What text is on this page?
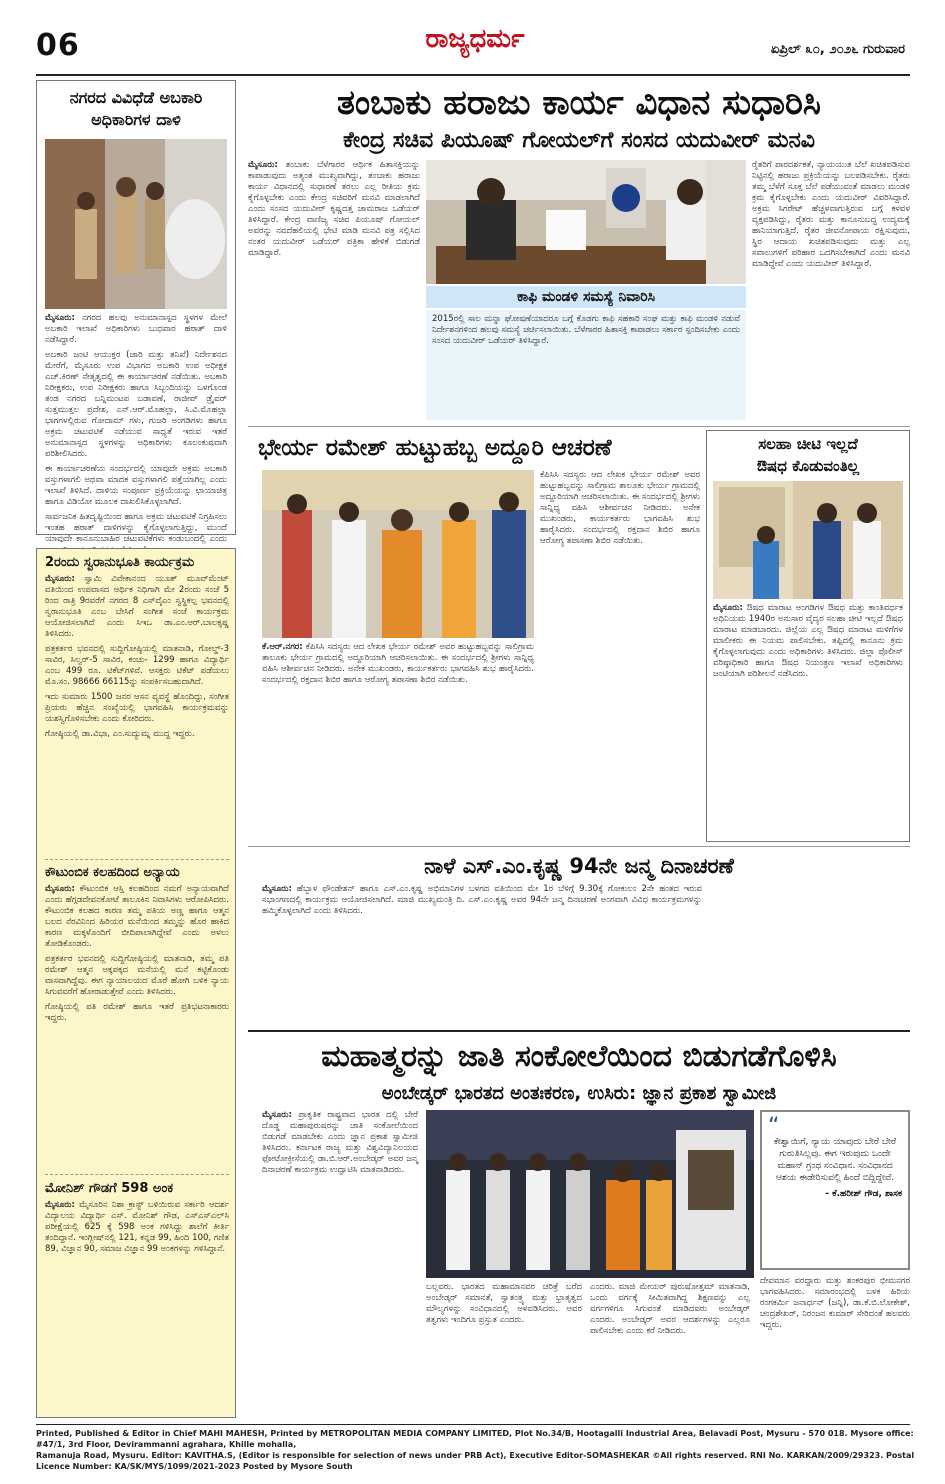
06	ರಾಜ್ಯಧರ್ಮ	ಏಪ್ರಿಲ್ ೩೦, ೨೦೨೬ ಗುರುವಾರ
ನಗರದ ವಿವಿಧೆಡೆ ಅಬಕಾರಿ
ಅಧಿಕಾರಿಗಳ ದಾಳಿ

ಮೈಸೂರು: ನಗರದ ಹಲವು ಅನುಮಾನಾಸ್ಪದ ಸ್ಥಳಗಳ ಮೇಲೆ ಅಬಕಾರಿ ಇಲಾಖೆ ಅಧಿಕಾರಿಗಳು ಬುಧವಾರ ಹಠಾತ್ ದಾಳಿ ನಡೆಸಿದ್ದಾರೆ.

ಅಬಕಾರಿ ಜಂಟಿ ಆಯುಕ್ತರ (ಜಾರಿ ಮತ್ತು ತನಿಖೆ) ನಿರ್ದೇಶನದ ಮೇರೆಗೆ, ಮೈಸೂರು ಉಪ ವಿಭಾಗದ ಅಬಕಾರಿ ಉಪ ಅಧೀಕ್ಷಕ ಎಚ್.ಕಿರಣ್ ನೇತೃತ್ವದಲ್ಲಿ ಈ ಕಾರ್ಯಾಚರಣೆ ನಡೆಯಿತು. ಅಬಕಾರಿ ನಿರೀಕ್ಷಕರು, ಉಪ ನಿರೀಕ್ಷಕರು ಹಾಗೂ ಸಿಬ್ಬಂದಿಯನ್ನು ಒಳಗೊಂಡ ತಂಡ ನಗರದ ಬನ್ನಿಮಂಟಪ ಬಡಾವಣೆ, ರಾಜೀವ್ ಡ್ರೈವರ್ ಸುತ್ತಮುತ್ತಲ ಪ್ರದೇಶ, ಎನ್.ಆರ್.ಮೊಹಲ್ಲಾ, ಸಿ.ವಿ.ಮೊಹಲ್ಲಾ ಭಾಗಗಳಲ್ಲಿರುವ ಗೋದಾಮ್ ಗಳು, ಗುಜರಿ ಅಂಗಡಿಗಳು ಹಾಗೂ ಅಕ್ರಮ ಚಟುವಟಿಕೆ ನಡೆಯುವ ಸಾಧ್ಯತೆ ಇರುವ ಇತರೆ ಅನುಮಾನಾಸ್ಪದ ಸ್ಥಳಗಳನ್ನು ಅಧಿಕಾರಿಗಳು ಕೂಲಂಕುಷವಾಗಿ ಪರಿಶೀಲಿಸಿದರು.

ಈ ಕಾರ್ಯಾಚರಣೆಯ ಸಂದರ್ಭದಲ್ಲಿ ಯಾವುದೇ ಅಕ್ರಮ ಅಬಕಾರಿ ವಸ್ತುಗಳಾಗಲಿ ಅಥವಾ ಮಾದಕ ವಸ್ತುಗಳಾಗಲಿ ಪತ್ತೆಯಾಗಿಲ್ಲ ಎಂದು ಇಲಾಖೆ ತಿಳಿಸಿದೆ. ದಾಳಿಯ ಸಂಪೂರ್ಣ ಪ್ರಕ್ರಿಯೆಯನ್ನು ಛಾಯಾಚಿತ್ರ ಹಾಗೂ ವಿಡಿಯೋ ಮೂಲಕ ದಾಖಲಿಸಿಕೊಳ್ಳಲಾಗಿದೆ.

ಸಾರ್ವಜನಿಕ ಹಿತದೃಷ್ಟಿಯಿಂದ ಹಾಗೂ ಅಕ್ರಮ ಚಟುವಟಿಕೆ ನಿಗ್ರಹಿಸಲು ಇಂತಹ ಹಠಾತ್ ದಾಳಿಗಳನ್ನು ಕೈಗೊಳ್ಳಲಾಗುತ್ತಿದ್ದು, ಮುಂದೆ ಯಾವುದೇ ಕಾನೂನುಬಾಹಿರ ಚಟುವಟಿಕೆಗಳು ಕಂಡುಬಂದಲ್ಲಿ ಎಂದು

2ರಂದು ಸ್ವರಾನುಭೂತಿ ಕಾರ್ಯಕ್ರಮ

ಮೈಸೂರು: ಸ್ವಾಮಿ ವಿವೇಕಾನಂದ ಯೂತ್ ಮೂವ್‌ಮೆಂಟ್ ವತಿಯಿಂದ ಉಪವಾಸದ ಆರ್ಥಿಕ ನಿಧಿಗಾಗಿ ಮೇ 2ರಂದು ಸಂಜೆ 5 ರಿಂದ ರಾತ್ರಿ 9ರವರೆಗೆ ನಗರದ 8 ಎಸ್‌ವೈಎಂ ಸ್ವಸ್ಥಿಕಲ್ಪ ಭವನದಲ್ಲಿ ಸ್ವರಾನುಭೂತಿ ಎಂಬ ಬೇಸಿಗೆ ಸಂಗೀತ ಸಂಜೆ ಕಾರ್ಯಕ್ರಮ ಆಯೋಜಿಸಲಾಗಿದೆ ಎಂದು ಸಿಇಒ ಡಾ.ಎಂ.ಆರ್.ಬಾಲಕೃಷ್ಣ ತಿಳಿಸಿದರು.

ಪತ್ರಕರ್ತರ ಭವನದಲ್ಲಿ ಸುದ್ದಿಗೋಷ್ಠಿಯಲ್ಲಿ ಮಾತನಾಡಿ, ಗೋಲ್ಡ್-3 ಸಾವಿರ, ಸಿಲ್ವರ್-5 ಸಾವಿರ, ಕಂಚು- 1299 ಹಾಗೂ ವಿದ್ಯಾರ್ಥಿ ಎಂಬ 499 ರೂ. ಟಿಕೆಟ್‌ಗಳಿವೆ. ಆಸಕ್ತರು ಟಿಕೆಟ್ ಪಡೆಯಲು ಮೊ.ಸಂ. 98666 66115ನ್ನು ಸಂಪರ್ಕಿಸಬಹುದಾಗಿದೆ.

ಇದು ಸುಮಾರು 1500 ಜನರ ಆಸನ ವ್ಯವಸ್ಥೆ ಹೊಂದಿದ್ದು, ಸಂಗೀತ ಪ್ರಿಯರು ಹೆಚ್ಚಿನ ಸಂಖ್ಯೆಯಲ್ಲಿ ಭಾಗವಹಿಸಿ ಕಾರ್ಯಕ್ರಮವನ್ನು ಯಶಸ್ವಿಗೊಳಿಸಬೇಕು ಎಂದು ಕೋರಿದರು.

ಗೋಷ್ಠಿಯಲ್ಲಿ ಡಾ.ವಿಭಾ, ಎಂ.ಸುದ್ಯುಮ್ನ ಮುದ್ದ ಇದ್ದರು.

ಕೌಟುಂಬಿಕ ಕಲಹದಿಂದ ಅನ್ಯಾಯ

ಮೈಸೂರು: ಕೌಟುಂಬಿಕ ಆಸ್ತಿ ಕಲಹದಿಂದ ನಮಗೆ ಅನ್ಯಾಯವಾಗಿದೆ ಎಂದು ಹೆಗ್ಗಡದೇವನಕೋಟೆ ತಾಲೂಕಿನ ನಿವಾಸಿಗಳು ಆರೋಪಿಸಿದರು. ಕೌಟುಂಬಿಕ ಕಲಹದ ಕಾರಣ ತಮ್ಮ ಪತಿಯ ಅಣ್ಣ ಹಾಗೂ ಆತ್ಮನ ಬಲದ ನೆರವಿನಿಂದ ಹಿರಿಯರ ಮನೆಯಿಂದ ತಮ್ಮನ್ನು ಹೊರ ಹಾಕಿದ ಕಾರಣ ಮಕ್ಕಳೊಂದಿಗೆ ಬೀದಿಪಾಲಾಗಿದ್ದೇವೆ ಎಂದು ಅಳಲು ತೋಡಿಕೊಂಡರು.

ಪತ್ರಕರ್ತರ ಭವನದಲ್ಲಿ ಸುದ್ದಿಗೋಷ್ಠಿಯಲ್ಲಿ ಮಾತನಾಡಿ, ತಮ್ಮ ಪತಿ ರಮೇಶ್ ಆತ್ಮನ ಅಕ್ಕಪಕ್ಕದ ಮನೆಯಲ್ಲಿ ಮನೆ ಕಟ್ಟಿಕೊಂಡು ವಾಸವಾಗಿದ್ದೆವು. ಈಗ ನ್ಯಾಯಾಲಯದ ಮೊರೆ ಹೋಗಿ ಬಳಿಕ ನ್ಯಾಯ ಸಿಗುವವರೆಗೆ ಹೋರಾಡುತ್ತೇವೆ ಎಂದು ತಿಳಿಸಿದರು.

ಗೋಷ್ಠಿಯಲ್ಲಿ ಪತಿ ರಮೇಶ್ ಹಾಗೂ ಇತರೆ ಪ್ರತಿಭಟನಾಕಾರರು ಇದ್ದರು.

ಮೋನಿಶ್ ಗೌಡಗೆ 598 ಅಂಕ

ಮೈಸೂರು: ಮೈಸೂರಿನ ನಿಶಾ ಕ್ರಾಸ್ಟ್‌ ಬಳಿಯಿರುವ ಸರ್ಕಾರಿ ಆದರ್ಶ ವಿದ್ಯಾಲಯ ವಿದ್ಯಾರ್ಥಿ ಎಸ್. ಮೋನಿಶ್ ಗೌಡ, ಎಸ್‌ಎಸ್‌ಎಲ್‌ಸಿ ಪರೀಕ್ಷೆಯಲ್ಲಿ 625 ಕ್ಕೆ 598 ಅಂಕ ಗಳಿಸಿದ್ದು ಶಾಲೆಗೆ ಕೀರ್ತಿ ತಂದಿದ್ದಾನೆ. ಇಂಗ್ಲೀಷ್‌ನಲ್ಲಿ 121, ಕನ್ನಡ 99, ಹಿಂದಿ 100, ಗಣಿತ 89, ವಿಜ್ಞಾನ 90, ಸಮಾಜ ವಿಜ್ಞಾನ 99 ಅಂಕಗಳನ್ನು ಗಳಿಸಿದ್ದಾನೆ.

ತಂಬಾಕು ಹರಾಜು ಕಾರ್ಯ ವಿಧಾನ ಸುಧಾರಿಸಿ
ಕೇಂದ್ರ ಸಚಿವ ಪಿಯೂಷ್ ಗೋಯಲ್‌ಗೆ ಸಂಸದ ಯದುವೀರ್ ಮನವಿ

ಮೈಸೂರು: ತಂಬಾಕು ಬೆಳೆಗಾರರ ಆರ್ಥಿಕ ಹಿತಾಸಕ್ತಿಯನ್ನು ಕಾಪಾಡುವುದು ಅತ್ಯಂತ ಮುಖ್ಯವಾಗಿದ್ದು, ತಂಬಾಕು ಹರಾಜು ಕಾರ್ಯ ವಿಧಾನದಲ್ಲಿ ಸುಧಾರಣೆ ತರಲು ಎಲ್ಲ ರೀತಿಯ ಕ್ರಮ ಕೈಗೊಳ್ಳಬೇಕು ಎಂದು ಕೇಂದ್ರ ಸಚಿವರಿಗೆ ಮನವಿ ಮಾಡಲಾಗಿದೆ ಎಂದು ಸಂಸದ ಯದುವೀರ್ ಕೃಷ್ಣದತ್ತ ಚಾಮರಾಜ ಒಡೆಯರ್ ತಿಳಿಸಿದ್ದಾರೆ. ಕೇಂದ್ರ ವಾಣಿಜ್ಯ ಸಚಿವ ಪಿಯೂಷ್ ಗೋಯಲ್ ಅವರನ್ನು ನವದೆಹಲಿಯಲ್ಲಿ ಭೇಟಿ ಮಾಡಿ ಮನವಿ ಪತ್ರ ಸಲ್ಲಿಸಿದ ನಂತರ ಯದುವೀರ್ ಒಡೆಯರ್ ಪತ್ರಿಕಾ ಹೇಳಿಕೆ ಬಿಡುಗಡೆ ಮಾಡಿದ್ದಾರೆ.

ಕಾಫಿ ಮಂಡಳಿ ಸಮಸ್ಯೆ ನಿವಾರಿಸಿ
2015ರಲ್ಲಿ ಸಾಲ ಮನ್ನಾ ಘೋಷಣೆಯಾದರೂ ಬಗ್ಗೆ ಕೊಡಗು ಕಾಫಿ ಸಹಕಾರಿ ಸಂಘ ಮತ್ತು ಕಾಫಿ ಮಂಡಳಿ ನಡುವೆ ನಿರ್ದೇಶನಗಳಿಂದ ಹಲವು ಸಮಸ್ಯೆ ಚರ್ಚಿಸಲಾಯಿತು. ಬೆಳೆಗಾರರ ಹಿತಾಸಕ್ತಿ ಕಾಪಾಡಲು ಸರ್ಕಾರ ಸ್ಪಂದಿಸಬೇಕು ಎಂದು ಸಂಸದ ಯದುವೀರ್ ಒಡೆಯರ್ ತಿಳಿಸಿದ್ದಾರೆ.
ರೈತರಿಗೆ ಪಾರದರ್ಶಕತೆ, ನ್ಯಾಯಯುತ ಬೆಲೆ ಖಚಿತಪಡಿಸುವ ನಿಟ್ಟಿನಲ್ಲಿ ಹರಾಜು ಪ್ರಕ್ರಿಯೆಯನ್ನು ಬಲಪಡಿಸಬೇಕು. ರೈತರು ತಮ್ಮ ಬೆಳೆಗೆ ಸೂಕ್ತ ಬೆಲೆ ಪಡೆಯುವಂತೆ ಮಾಡಲು ಮಂಡಳಿ ಕ್ರಮ ಕೈಗೊಳ್ಳಬೇಕು ಎಂದು ಯದುವೀರ್ ವಿವರಿಸಿದ್ದಾರೆ. ಅಕ್ರಮ ಸಿಗರೇಟ್ ಹೆಚ್ಚಳವಾಗುತ್ತಿರುವ ಬಗ್ಗೆ ಕಳವಳ ವ್ಯಕ್ತಪಡಿಸಿದ್ದು, ರೈತರು ಮತ್ತು ಕಾನೂನುಬದ್ಧ ಉದ್ಯಮಕ್ಕೆ ಹಾನಿಯಾಗುತ್ತಿದೆ. ರೈತರ ಜೀವನೋಪಾಯ ರಕ್ಷಿಸುವುದು, ಸ್ಥಿರ ಆದಾಯ ಖಚಿತಪಡಿಸುವುದು ಮತ್ತು ಎಲ್ಲ ಸವಾಲುಗಳಿಗೆ ಪರಿಹಾರ ಒದಗಿಸಬೇಕಾಗಿದೆ ಎಂದು ಮನವಿ ಮಾಡಿದ್ದೇವೆ ಎಂದು ಯದುವೀರ್ ತಿಳಿಸಿದ್ದಾರೆ.
ಭೇರ್ಯ ರಮೇಶ್ ಹುಟ್ಟುಹಬ್ಬ ಅದ್ದೂರಿ ಆಚರಣೆ

ಕೆ.ಆರ್.ನಗರ: ಕೆಪಿಸಿಸಿ ಸದಸ್ಯರು ಆದ ಲೇಖಕ ಭೇರ್ಯ ರಮೇಶ್ ಅವರ ಹುಟ್ಟುಹಬ್ಬವನ್ನು ಸಾಲಿಗ್ರಾಮ ತಾಲೂಕು ಭೇರ್ಯ ಗ್ರಾಮದಲ್ಲಿ ಅದ್ದೂರಿಯಾಗಿ ಆಚರಿಸಲಾಯಿತು. ಈ ಸಂದರ್ಭದಲ್ಲಿ ಶ್ರೀಗಳು ಸಾನ್ನಿಧ್ಯ ವಹಿಸಿ ಆಶೀರ್ವಚನ ನೀಡಿದರು. ಅನೇಕ ಮುಖಂಡರು, ಕಾರ್ಯಕರ್ತರು ಭಾಗವಹಿಸಿ ಶುಭ ಹಾರೈಸಿದರು. ಸಂದರ್ಭದಲ್ಲಿ ರಕ್ತದಾನ ಶಿಬಿರ ಹಾಗೂ ಆರೋಗ್ಯ ತಪಾಸಣಾ ಶಿಬಿರ ನಡೆಯಿತು.

ಕೆಪಿಸಿಸಿ ಸದಸ್ಯರು ಆದ ಲೇಖಕ ಭೇರ್ಯ ರಮೇಶ್ ಅವರ ಹುಟ್ಟುಹಬ್ಬವನ್ನು ಸಾಲಿಗ್ರಾಮ ತಾಲೂಕು ಭೇರ್ಯ ಗ್ರಾಮದಲ್ಲಿ ಅದ್ದೂರಿಯಾಗಿ ಆಚರಿಸಲಾಯಿತು. ಈ ಸಂದರ್ಭದಲ್ಲಿ ಶ್ರೀಗಳು ಸಾನ್ನಿಧ್ಯ ವಹಿಸಿ ಆಶೀರ್ವಚನ ನೀಡಿದರು. ಅನೇಕ ಮುಖಂಡರು, ಕಾರ್ಯಕರ್ತರು ಭಾಗವಹಿಸಿ ಶುಭ ಹಾರೈಸಿದರು. ಸಂದರ್ಭದಲ್ಲಿ ರಕ್ತದಾನ ಶಿಬಿರ ಹಾಗೂ ಆರೋಗ್ಯ ತಪಾಸಣಾ ಶಿಬಿರ ನಡೆಯಿತು.
ಸಲಹಾ ಚೀಟಿ ಇಲ್ಲದೆ
ಔಷಧ ಕೊಡುವಂತಿಲ್ಲ

ಮೈಸೂರು: ಔಷಧ ಮಾರಾಟ ಅಂಗಡಿಗಳ ಔಷಧ ಮತ್ತು ಕಾಂತಿವರ್ಧಕ ಅಧಿನಿಯಮ 1940ರ ಅನುಸಾರ ವೈದ್ಯರ ಸಲಹಾ ಚೀಟಿ ಇಲ್ಲದೆ ಔಷಧ ಮಾರಾಟ ಮಾಡಬಾರದು. ಜಿಲ್ಲೆಯ ಎಲ್ಲ ಔಷಧ ಮಾರಾಟ ಮಳಿಗೆಗಳ ಮಾಲೀಕರು ಈ ನಿಯಮ ಪಾಲಿಸಬೇಕು. ತಪ್ಪಿದಲ್ಲಿ ಕಾನೂನು ಕ್ರಮ ಕೈಗೊಳ್ಳಲಾಗುವುದು ಎಂದು ಅಧಿಕಾರಿಗಳು ತಿಳಿಸಿದರು. ಜಿಲ್ಲಾ ಪೊಲೀಸ್ ವರಿಷ್ಠಾಧಿಕಾರಿ ಹಾಗೂ ಔಷಧ ನಿಯಂತ್ರಣ ಇಲಾಖೆ ಅಧಿಕಾರಿಗಳು ಜಂಟಿಯಾಗಿ ಪರಿಶೀಲನೆ ನಡೆಸಿದರು.

ನಾಳೆ ಎಸ್.ಎಂ.ಕೃಷ್ಣ 94ನೇ ಜನ್ಮ ದಿನಾಚರಣೆ

ಮೈಸೂರು: ಹೆಬ್ಬಾಳ ಫೌಂಡೇಶನ್ ಹಾಗೂ ಎಸ್.ಎಂ.ಕೃಷ್ಣ ಅಭಿಮಾನಿಗಳ ಬಳಗದ ವತಿಯಿಂದ ಮೇ 1ರ ಬೆಳಿಗ್ಗೆ 9.30ಕ್ಕೆ ಗೋಕುಲಂ 2ನೇ ಹಂತದ ಇರುವ ಸಭಾಂಗಣದಲ್ಲಿ ಕಾರ್ಯಕ್ರಮ ಆಯೋಜಿಸಲಾಗಿದೆ. ಮಾಜಿ ಮುಖ್ಯಮಂತ್ರಿ ದಿ. ಎಸ್.ಎಂ.ಕೃಷ್ಣ ಅವರ 94ನೇ ಜನ್ಮ ದಿನಾಚರಣೆ ಅಂಗವಾಗಿ ವಿವಿಧ ಕಾರ್ಯಕ್ರಮಗಳನ್ನು ಹಮ್ಮಿಕೊಳ್ಳಲಾಗಿದೆ ಎಂದು ತಿಳಿಸಿದರು.

ಮಹಾತ್ಮರನ್ನು ಜಾತಿ ಸಂಕೋಲೆಯಿಂದ ಬಿಡುಗಡೆಗೊಳಿಸಿ
ಅಂಬೇಡ್ಕರ್ ಭಾರತದ ಅಂತಃಕರಣ, ಉಸಿರು: ಜ್ಞಾನ ಪ್ರಕಾಶ ಸ್ವಾಮೀಜಿ

ಮೈಸೂರು: ಪ್ರಾಕೃತಿಕ ರಾಷ್ಟ್ರವಾದ ಭಾರತ ದಲ್ಲಿ ಬೇರೆ ದೊಡ್ಡ ಮಹಾಪುರುಷರನ್ನು ಜಾತಿ ಸಂಕೋಲೆಯಿಂದ ಬಿಡುಗಡೆ ಮಾಡಬೇಕು ಎಂದು ಜ್ಞಾನ ಪ್ರಕಾಶ ಸ್ವಾಮೀಜಿ ತಿಳಿಸಿದರು. ಕರ್ನಾಟಕ ರಾಜ್ಯ ಮತ್ತು ವಿಶ್ವವಿದ್ಯಾನಿಲಯದ ಫೋಟೋಕ್ರೀಸೆಯಲ್ಲಿ ಡಾ.ಬಿ.ಆರ್.ಅಂಬೇಡ್ಕರ್ ಅವರ ಜನ್ಮ ದಿನಾಚರಣೆ ಕಾರ್ಯಕ್ರಮ ಉದ್ಘಾಟಿಸಿ ಮಾತನಾಡಿದರು.

ಬಲ್ಲವರು. ಭಾರತದ ಮಹಾಮಾನವರ ಚರಿತ್ರೆ ಬರೆದ ಅಂಬೇಡ್ಕರ್ ಸಮಾನತೆ, ಸ್ವಾತಂತ್ರ್ಯ ಮತ್ತು ಭ್ರಾತೃತ್ವದ ಮೌಲ್ಯಗಳನ್ನು ಸಂವಿಧಾನದಲ್ಲಿ ಅಳವಡಿಸಿದರು. ಅವರ ತತ್ವಗಳು ಇಂದಿಗೂ ಪ್ರಸ್ತುತ ಎಂದರು.
ಎಂದರು. ಮಾಜಿ ಮೇಯರ್ ಪುರುಷೋತ್ತಮ್ ಮಾತನಾಡಿ, ಒಂದು ವರ್ಗಕ್ಕೆ ಸೀಮಿತವಾಗಿದ್ದ ಶಿಕ್ಷಣವನ್ನು ಎಲ್ಲ ವರ್ಗಗಳಿಗೂ ಸಿಗುವಂತೆ ಮಾಡಿದವರು ಅಂಬೇಡ್ಕರ್ ಎಂದರು. ಅಂಬೇಡ್ಕರ್ ಅವರ ಆದರ್ಶಗಳನ್ನು ಎಲ್ಲರೂ ಪಾಲಿಸಬೇಕು ಎಂದು ಕರೆ ನೀಡಿದರು.
“
ಕೇಶ್ವಾಯಿಗೆ, ನ್ಯಾಯ ಯಾವುದು ಬೇರೆ ಬೇರೆ ಗುರುತಿಸಿಲ್ಲವು. ಈಗ ಇರುವುದು ಒಂದೇ ಮಹಾನ್ ಗ್ರಂಥ ಸಂವಿಧಾನ. ಸಂವಿಧಾನದ ಆಶಯ ಈಡೇರಿಸುವಲ್ಲಿ ಹಿಂದೆ ಬಿದ್ದಿದ್ದೇವೆ.
- ಕೆ.ಹರೀಶ್ ಗೌಡ, ಶಾಸಕ
ದೇವಮಾನ ವರದ್ದಾರು ಮತ್ತು ಶಂಕರಪುರ ಭೀಮನಗರ ಭಾಗವಹಿಸಿದರು. ಸಮಾರಂಭದಲ್ಲಿ ಬಳಕ ಹಿರಿಯ ರಂಗಕರ್ಮಿ ಜನಾರ್ಧನ್ (ಜನ್ನಿ), ಡಾ.ಕೆ.ಬಿ.ಲೋಕೇಶ್, ಚಂದ್ರಶೇಖರ್, ನಿರಂಜನ ಕುಮಾರ್ ಸೇರಿದಂತೆ ಹಲವರು ಇದ್ದರು.
Printed, Published & Editor in Chief MAHI MAHESH, Printed by METROPOLITAN MEDIA COMPANY LIMITED, Plot No.34/B, Hootagalli Industrial Area, Belavadi Post, Mysuru - 570 018. Mysore office: #47/1, 3rd Floor, Devirammanni agrahara, Khille mohalla,
Ramanuja Road, Mysuru. Editor: KAVITHA.S, (Editor is responsible for selection of news under PRB Act), Executive Editor-SOMASHEKAR ©All rights reserved. RNI No. KARKAN/2009/29323. Postal Licence Number: KA/SK/MYS/1099/2021-2023 Posted by Mysore South
